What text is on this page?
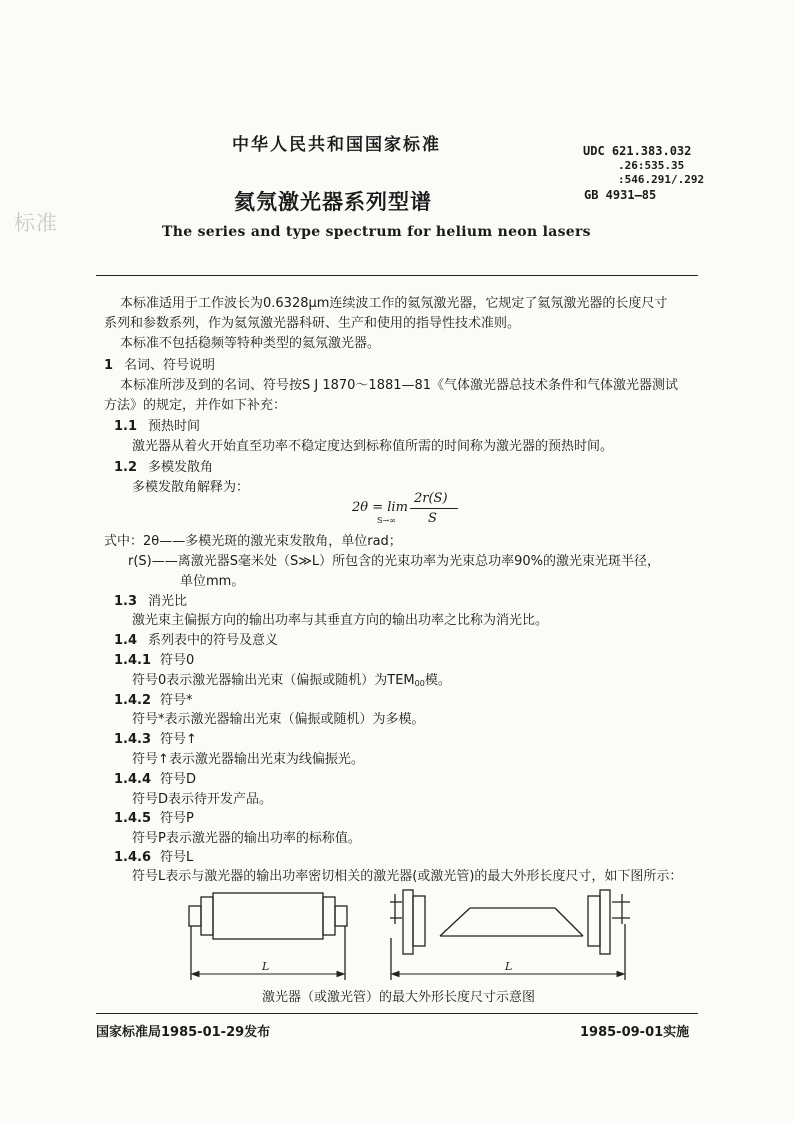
标准
中华人民共和国国家标准
氦氖激光器系列型谱
The series and type spectrum for helium neon lasers
UDC 621.383.032
.26:535.35
:546.291/.292
GB 4931—85
本标准适用于工作波长为0.6328μm连续波工作的氦氖激光器，它规定了氦氖激光器的长度尺寸
系列和参数系列，作为氦氖激光器科研、生产和使用的指导性技术准则。
本标准不包括稳频等特种类型的氦氖激光器。
1 名词、符号说明
本标准所涉及到的名词、符号按S J 1870～1881—81《气体激光器总技术条件和气体激光器测试
方法》的规定，并作如下补充：
1.1 预热时间
激光器从着火开始直至功率不稳定度达到标称值所需的时间称为激光器的预热时间。
1.2 多模发散角
多模发散角解释为：
2θ = lim
S→∞
2r(S)
S
式中：2θ——多模光斑的激光束发散角，单位rad；
r(S)——离激光器S毫米处（S≫L）所包含的光束功率为光束总功率90%的激光束光斑半径，
单位mm。
1.3 消光比
激光束主偏振方向的输出功率与其垂直方向的输出功率之比称为消光比。
1.4 系列表中的符号及意义
1.4.1 符号0
符号0表示激光器输出光束（偏振或随机）为$TEM_{00}$模。
1.4.2 符号*
符号*表示激光器输出光束（偏振或随机）为多模。
1.4.3 符号↑
符号↑表示激光器输出光束为线偏振光。
1.4.4 符号D
符号D表示待开发产品。
1.4.5 符号P
符号P表示激光器的输出功率的标称值。
1.4.6 符号L
符号L表示与激光器的输出功率密切相关的激光器(或激光管)的最大外形长度尺寸，如下图所示：
L	L
激光器（或激光管）的最大外形长度尺寸示意图
国家标准局1985-01-29发布	1985-09-01实施
